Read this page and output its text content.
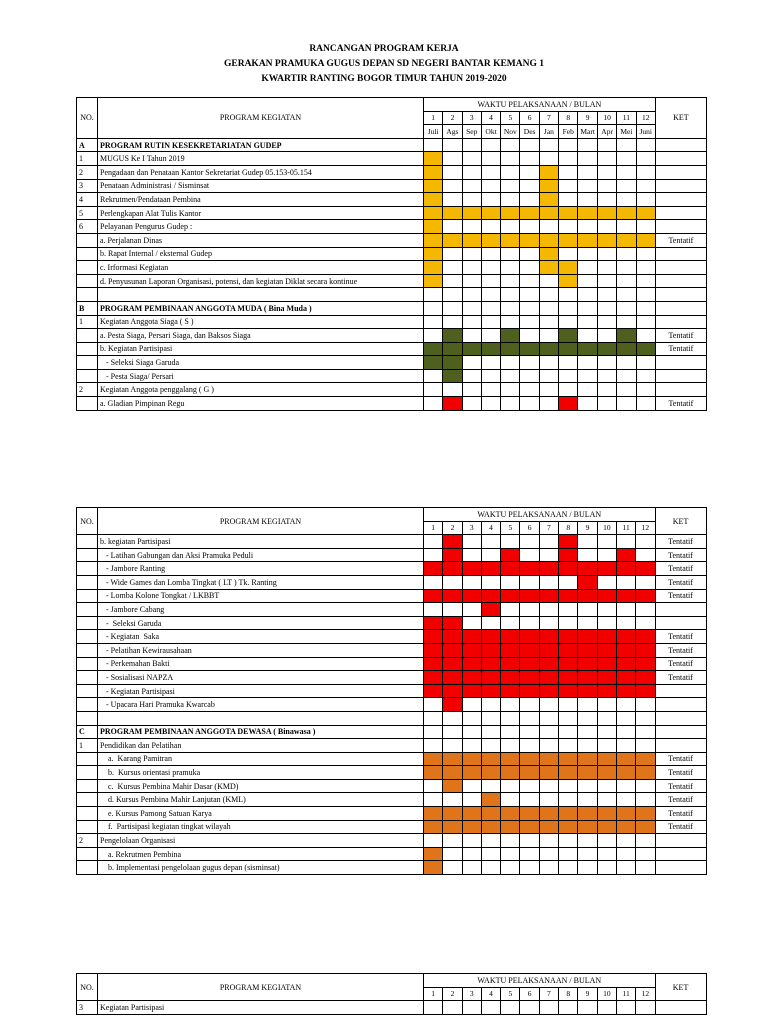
RANCANGAN PROGRAM KERJA
GERAKAN PRAMUKA GUGUS DEPAN SD NEGERI BANTAR KEMANG 1
KWARTIR RANTING BOGOR TIMUR TAHUN 2019-2020
NO.	PROGRAM KEGIATAN	WAKTU PELAKSANAAN / BULAN												KET
		1	2	3	4	5	6	7	8	9	10	11	12	
		Juli	Ags	Sep	Okt	Nov	Des	Jan	Feb	Mart	Apr	Mei	Juni	
A	PROGRAM RUTIN KESEKRETARIATAN GUDEP													
1	MUGUS Ke I Tahun 2019													
2	Pengadaan dan Penataan Kantor Sekretariat Gudep 05.153-05.154													
3	Penataan Administrasi / Sisminsat													
4	Rekrutmen/Pendataan Pembina													
5	Perlengkapan Alat Tulis Kantor													
6	Pelayanan Pengurus Gudep :													
	a. Perjalanan Dinas													Tentatif
	b. Rapat Internal / eksternal Gudep													
	c. Irformasi Kegiatan													
	d. Penyusunan Laporan Organisasi, potensi, dan kegiatan Diklat secara kontinue													

B	PROGRAM PEMBINAAN ANGGOTA MUDA ( Bina Muda )													
1	Kegiatan Anggota Siaga ( S )													
	a. Pesta Siaga, Persari Siaga, dan Baksos Siaga													Tentatif
	b. Kegiatan Partisipasi													Tentatif
	- Seleksi Siaga Garuda													
	- Pesta Siaga/ Persari													
2	Kegiatan Anggota penggalang ( G )													
	a. Gladian Pimpinan Regu													Tentatif
NO.	PROGRAM KEGIATAN	WAKTU PELAKSANAAN / BULAN												KET
		1	2	3	4	5	6	7	8	9	10	11	12	
	b. kegiatan Partisipasi													Tentatif
	- Latihan Gabungan dan Aksi Pramuka Peduli													Tentatif
	- Jambore Ranting													Tentatif
	- Wide Games dan Lomba Tingkat ( LT ) Tk. Ranting													Tentatif
	- Lomba Kolone Tongkat / LKBBT													Tentatif
	- Jambore Cabang													
	-  Seleksi Garuda													
	- Kegiatan  Saka													Tentatif
	- Pelatihan Kewirausahaan													Tentatif
	- Perkemahan Bakti													Tentatif
	- Sosialisasi NAPZA													Tentatif
	- Kegiatan Partisipasi													
	- Upacara Hari Pramuka Kwarcab													

C	PROGRAM PEMBINAAN ANGGOTA DEWASA ( Binawasa )													
1	Pendidikan dan Pelatihan													
	a.  Karang Pamitran													Tentatif
	b.  Kursus orientasi pramuka													Tentatif
	c.  Kursus Pembina Mahir Dasar (KMD)													Tentatif
	d. Kursus Pembina Mahir Lanjutan (KML)													Tentatif
	e. Kursus Pamong Satuan Karya													Tentatif
	f.  Partisipasi kegiatan tingkat wilayah													Tentatif
2	Pengelolaan Organisasi													
	a. Rekrutmen Pembina													
	b. Implementasi pengelolaan gugus depan (sisminsat)													
NO.	PROGRAM KEGIATAN	WAKTU PELAKSANAAN / BULAN												KET
		1	2	3	4	5	6	7	8	9	10	11	12	
3	Kegiatan Partisipasi													
